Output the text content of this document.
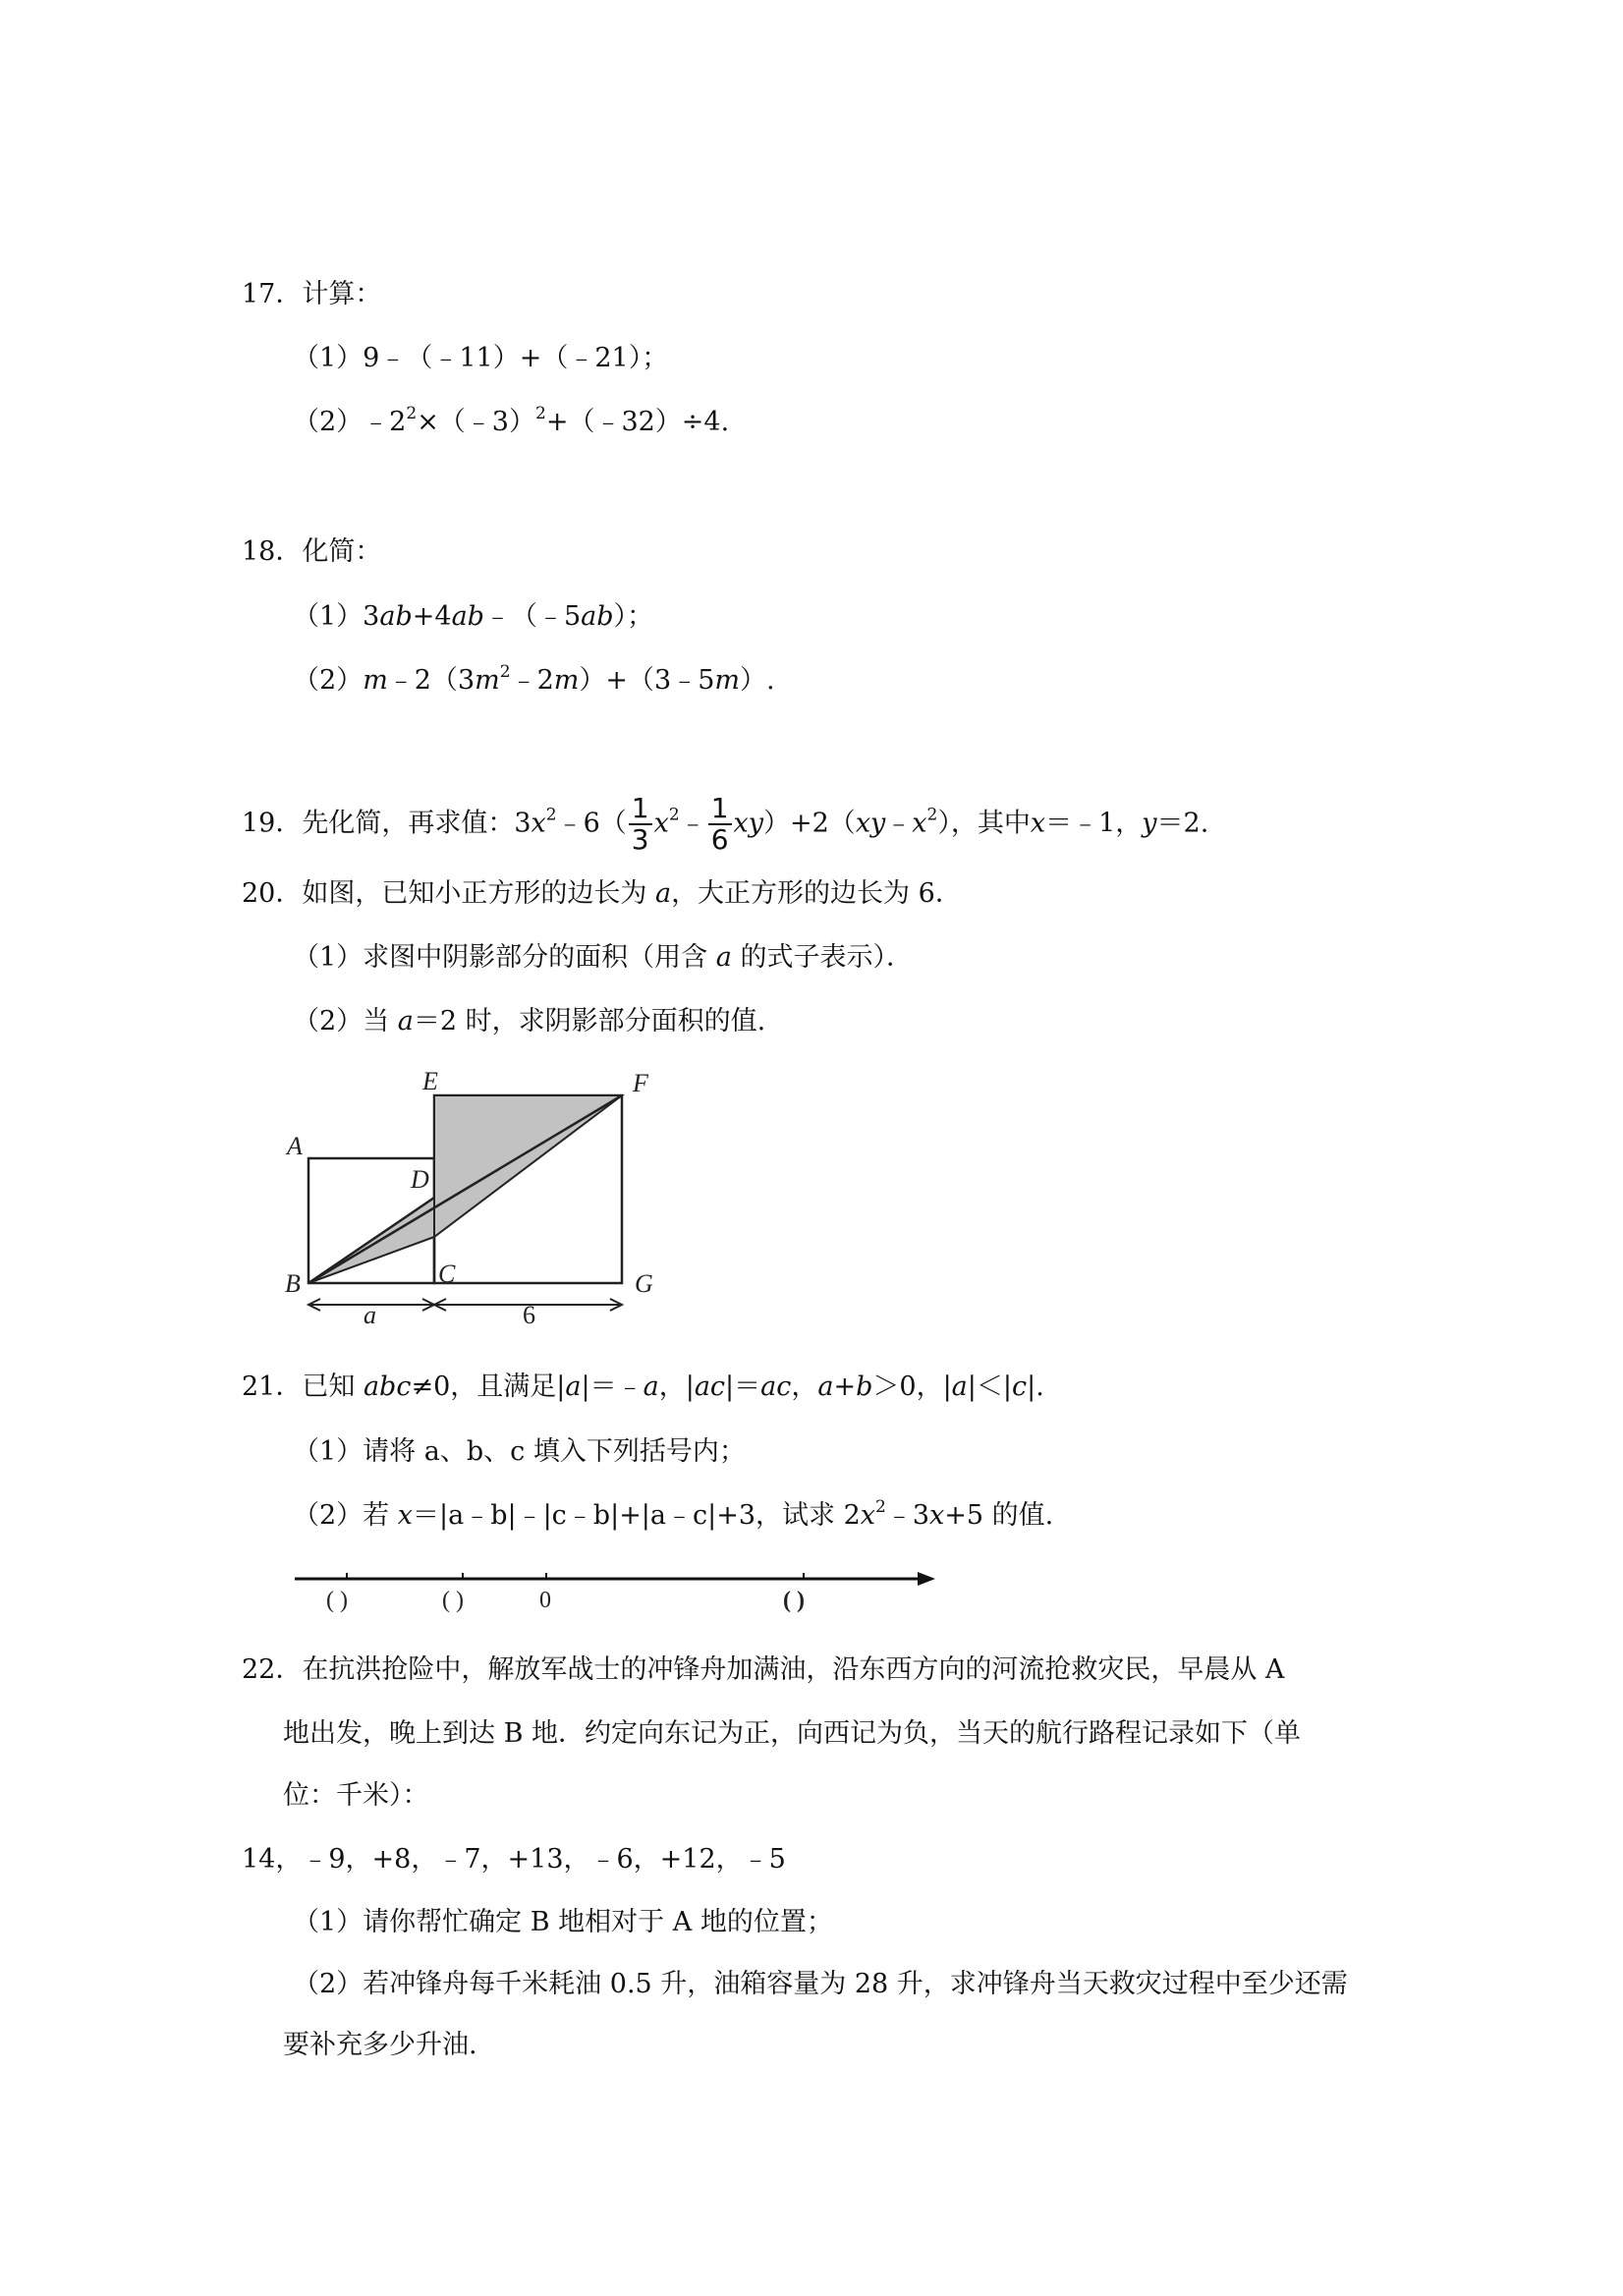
17．计算：
（1）9﹣（﹣11）+（﹣21）；
$(2)﹣2^2\times(﹣3)^2+(﹣32)\div 4$.
18．化简：
（1）3ab+4ab﹣（﹣5ab）；
$(2)m﹣2(3m^2﹣2m)+(3﹣5m)$.
19．先化简，再求值：$3x^2﹣6( \frac{1}{3}$ $x^2﹣ \frac{1}{6}$ $xy)+2(xy﹣x^2)$，其中x＝﹣1，y＝2.
20．如图，已知小正方形的边长为 a，大正方形的边长为 6．
（1）求图中阴影部分的面积（用含 a 的式子表示）．
（2）当 a＝2 时，求阴影部分面积的值.
A
B	C
D
E	F
G
a	6
21．已知 abc≠0，且满足|a|＝﹣a，|ac|＝ac，a+b＞0，|a|＜|c|.
（1）请将 a、b、c 填入下列括号内；
（2）若 x＝|a﹣b|﹣|c﹣b|+|a﹣c|+3，试求 $2x^2﹣3x+5$ 的值.
( )	( )	0	( )
22．在抗洪抢险中，解放军战士的冲锋舟加满油，沿东西方向的河流抢救灾民，早晨从 A
地出发，晚上到达 B 地．约定向东记为正，向西记为负，当天的航行路程记录如下（单
位：千米）：
14，﹣9，+8，﹣7，+13，﹣6，+12，﹣5
（1）请你帮忙确定 B 地相对于 A 地的位置；
（2）若冲锋舟每千米耗油 0.5 升，油箱容量为 28 升，求冲锋舟当天救灾过程中至少还需
要补充多少升油.
